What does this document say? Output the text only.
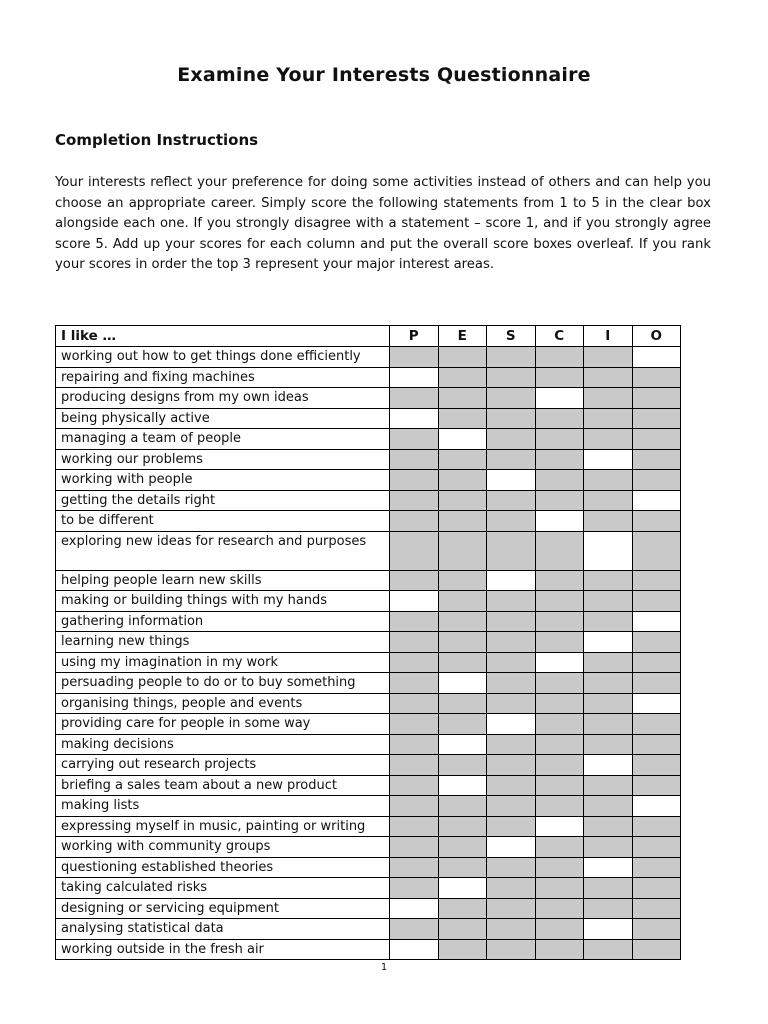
Examine Your Interests Questionnaire
Completion Instructions

Your interests reflect your preference for doing some activities instead of others and can help you choose an appropriate career. Simply score the following statements from 1 to 5 in the clear box alongside each one. If you strongly disagree with a statement – score 1, and if you strongly agree score 5. Add up your scores for each column and put the overall score boxes overleaf. If you rank your scores in order the top 3 represent your major interest areas.

I like …	P	E	S	C	I	O
working out how to get things done efficiently						
repairing and fixing machines						
producing designs from my own ideas						
being physically active						
managing a team of people						
working our problems						
working with people						
getting the details right						
to be different						
exploring new ideas for research and purposes						
helping people learn new skills						
making or building things with my hands						
gathering information						
learning new things						
using my imagination in my work						
persuading people to do or to buy something						
organising things, people and events						
providing care for people in some way						
making decisions						
carrying out research projects						
briefing a sales team about a new product						
making lists						
expressing myself in music, painting or writing						
working with community groups						
questioning established theories						
taking calculated risks						
designing or servicing equipment						
analysing statistical data						
working outside in the fresh air						
1
